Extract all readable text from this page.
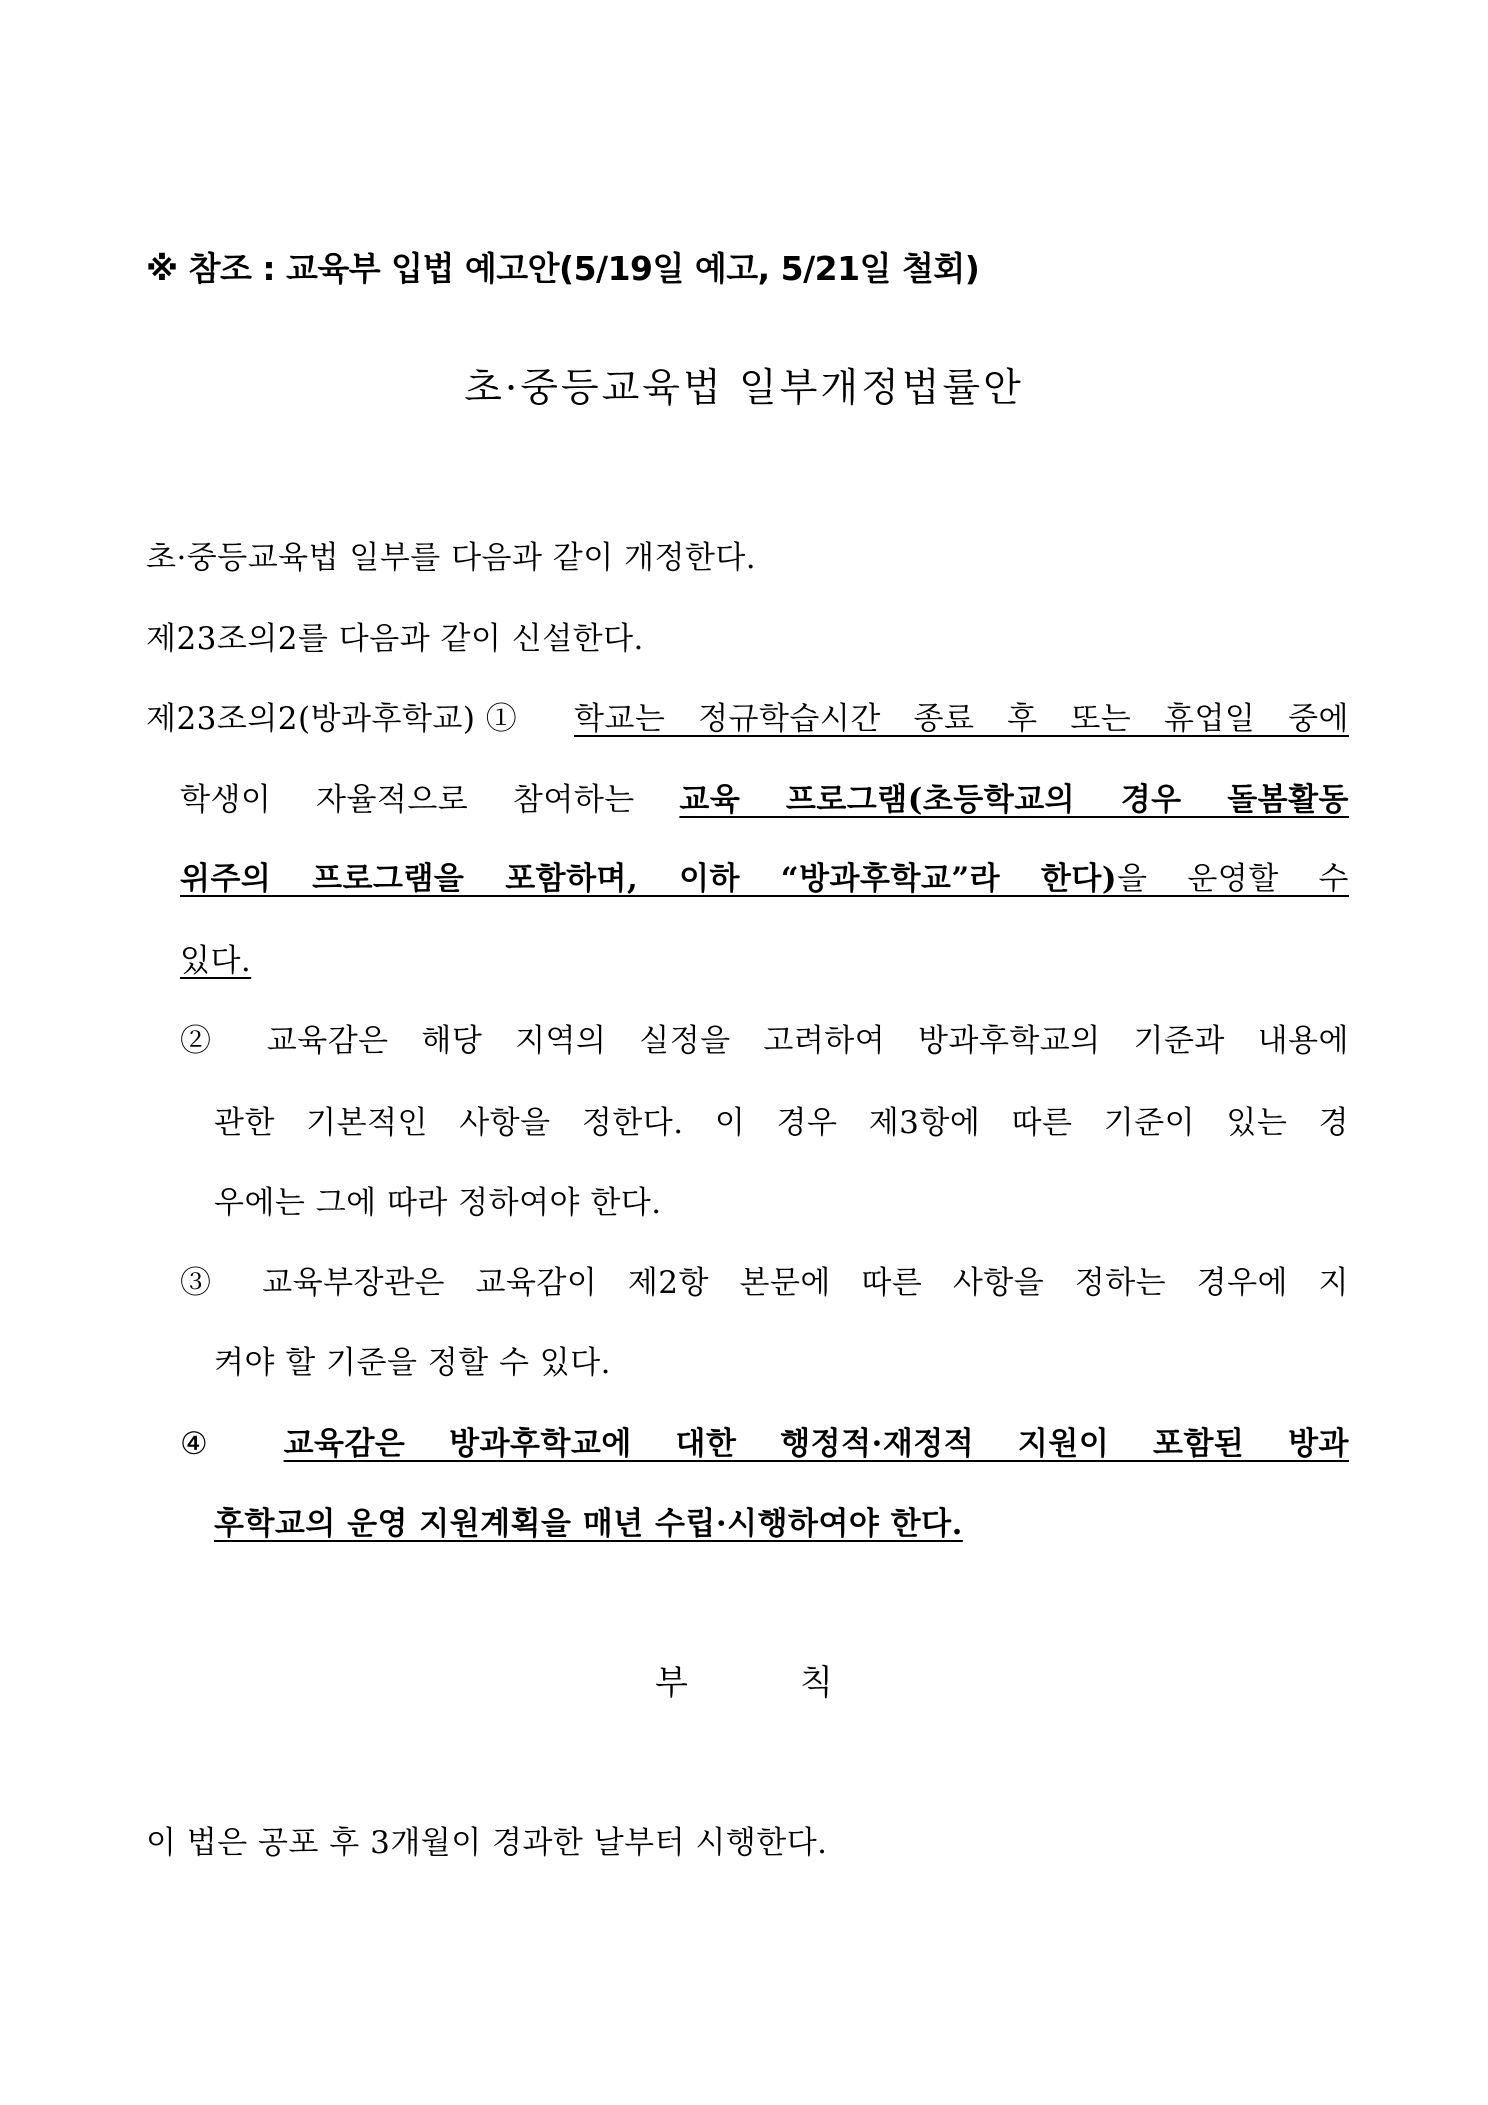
※ 참조 : 교육부 입법 예고안(5/19일 예고, 5/21일 철회)
초·중등교육법 일부개정법률안
초·중등교육법 일부를 다음과 같이 개정한다.
제23조의2를 다음과 같이 신설한다.
제23조의2(방과후학교) ① 학교는 정규학습시간 종료 후 또는 휴업일 중에
학생이 자율적으로 참여하는 교육 프로그램(초등학교의 경우 돌봄활동
위주의 프로그램을 포함하며, 이하 “방과후학교”라 한다)을 운영할 수
있다.
② 교육감은 해당 지역의 실정을 고려하여 방과후학교의 기준과 내용에
관한 기본적인 사항을 정한다. 이 경우 제3항에 따른 기준이 있는 경
우에는 그에 따라 정하여야 한다.
③ 교육부장관은 교육감이 제2항 본문에 따른 사항을 정하는 경우에 지
켜야 할 기준을 정할 수 있다.
④ 교육감은 방과후학교에 대한 행정적·재정적 지원이 포함된 방과
후학교의 운영 지원계획을 매년 수립·시행하여야 한다.
부	칙
이 법은 공포 후 3개월이 경과한 날부터 시행한다.
